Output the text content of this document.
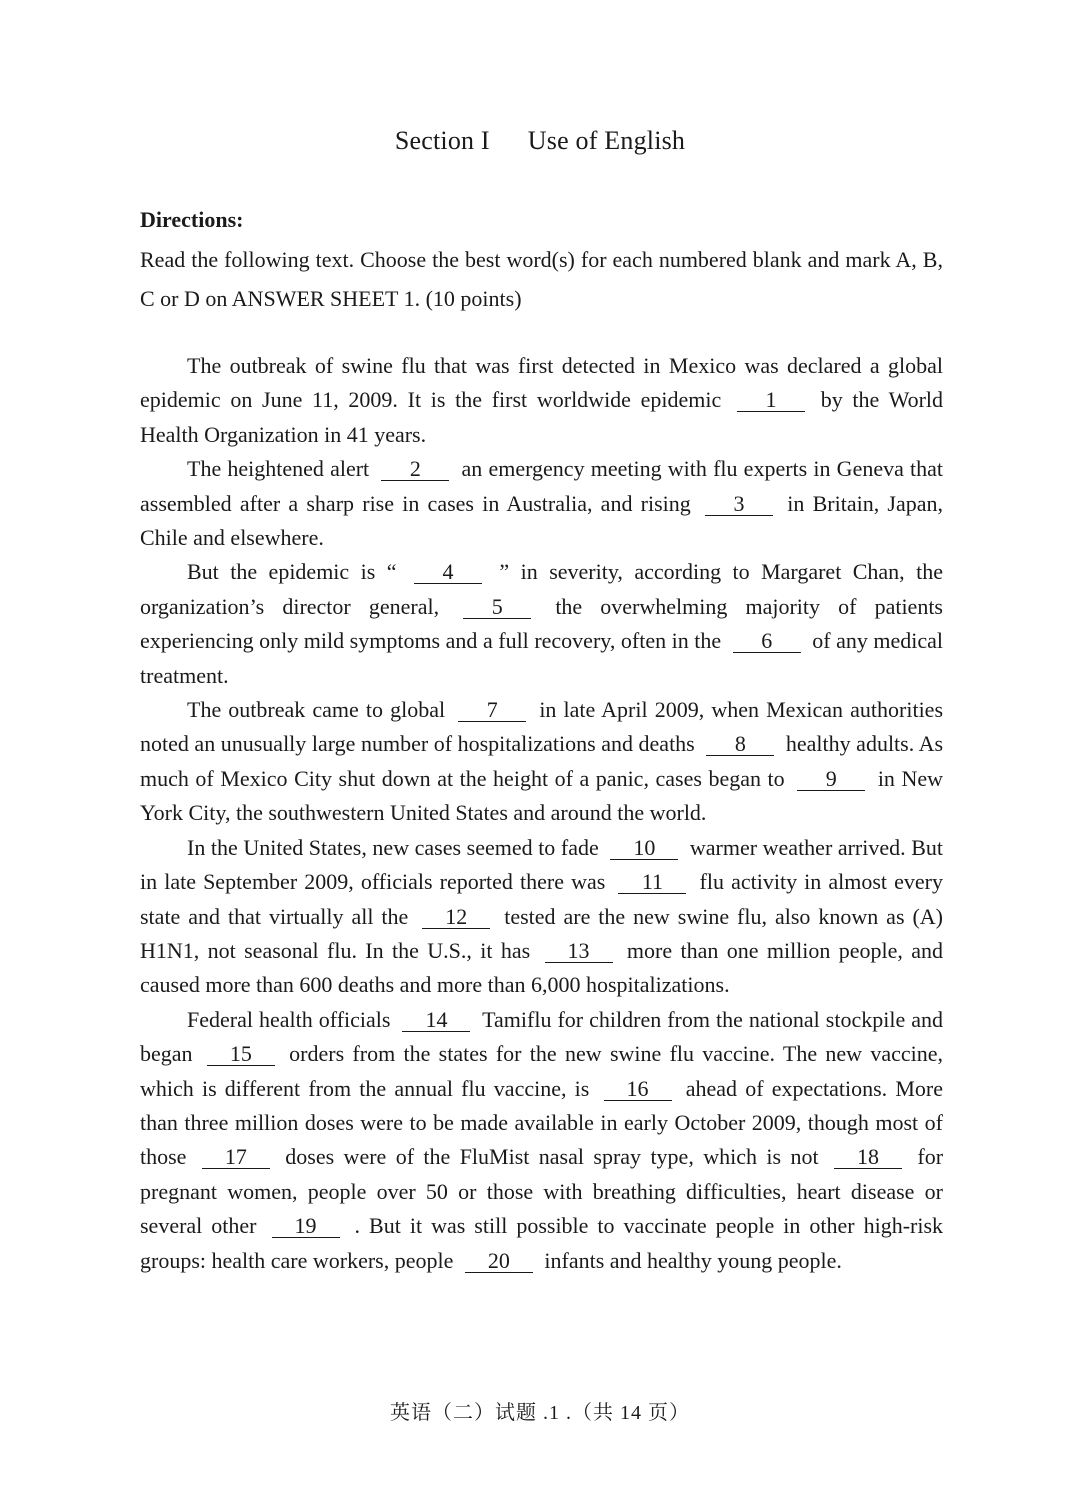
Section I Use of English
Directions:
Read the following text. Choose the best word(s) for each numbered blank and mark A, B, C or D on ANSWER SHEET 1. (10 points)

The outbreak of swine flu that was first detected in Mexico was declared a global epidemic on June 11, 2009. It is the first worldwide epidemic 1 by the World Health Organization in 41 years.

The heightened alert 2 an emergency meeting with flu experts in Geneva that assembled after a sharp rise in cases in Australia, and rising 3 in Britain, Japan, Chile and elsewhere.

But the epidemic is “ 4 ” in severity, according to Margaret Chan, the organization’s director general, 5 the overwhelming majority of patients experiencing only mild symptoms and a full recovery, often in the 6 of any medical treatment.

The outbreak came to global 7 in late April 2009, when Mexican authorities noted an unusually large number of hospitalizations and deaths 8 healthy adults. As much of Mexico City shut down at the height of a panic, cases began to 9 in New York City, the southwestern United States and around the world.

In the United States, new cases seemed to fade 10 warmer weather arrived. But in late September 2009, officials reported there was 11 flu activity in almost every state and that virtually all the 12 tested are the new swine flu, also known as (A) H1N1, not seasonal flu. In the U.S., it has 13 more than one million people, and caused more than 600 deaths and more than 6,000 hospitalizations.

Federal health officials 14 Tamiflu for children from the national stockpile and began 15 orders from the states for the new swine flu vaccine. The new vaccine, which is different from the annual flu vaccine, is 16 ahead of expectations. More than three million doses were to be made available in early October 2009, though most of those 17 doses were of the FluMist nasal spray type, which is not 18 for pregnant women, people over 50 or those with breathing difficulties, heart disease or several other 19 . But it was still possible to vaccinate people in other high-risk groups: health care workers, people 20 infants and healthy young people.

英语（二）试题 .1 .（共 14 页）
